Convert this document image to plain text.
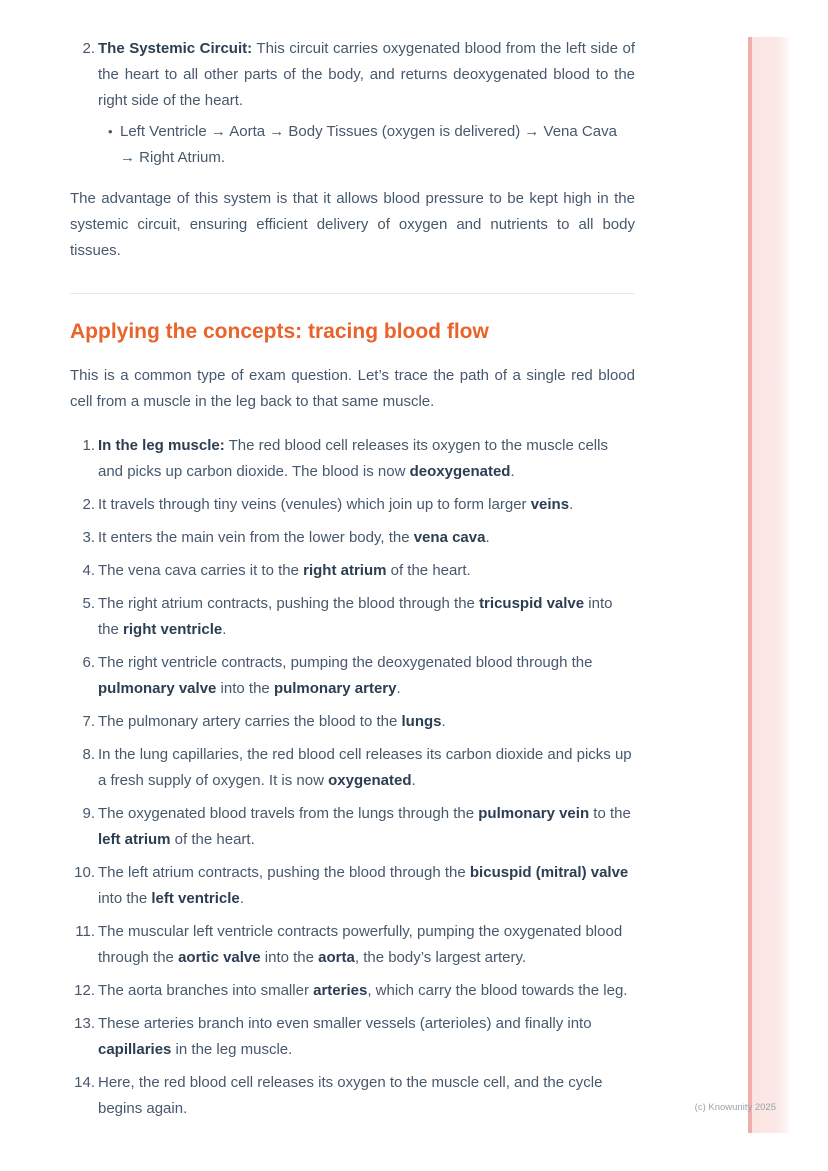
2. The Systemic Circuit: This circuit carries oxygenated blood from the left side of the heart to all other parts of the body, and returns deoxygenated blood to the right side of the heart.
• Left Ventricle → Aorta → Body Tissues (oxygen is delivered) → Vena Cava → Right Atrium.

The advantage of this system is that it allows blood pressure to be kept high in the systemic circuit, ensuring efficient delivery of oxygen and nutrients to all body tissues.

Applying the concepts: tracing blood flow

This is a common type of exam question. Let’s trace the path of a single red blood cell from a muscle in the leg back to that same muscle.

1. In the leg muscle: The red blood cell releases its oxygen to the muscle cells and picks up carbon dioxide. The blood is now deoxygenated.
2. It travels through tiny veins (venules) which join up to form larger veins.
3. It enters the main vein from the lower body, the vena cava.
4. The vena cava carries it to the right atrium of the heart.
5. The right atrium contracts, pushing the blood through the tricuspid valve into the right ventricle.
6. The right ventricle contracts, pumping the deoxygenated blood through the pulmonary valve into the pulmonary artery.
7. The pulmonary artery carries the blood to the lungs.
8. In the lung capillaries, the red blood cell releases its carbon dioxide and picks up a fresh supply of oxygen. It is now oxygenated.
9. The oxygenated blood travels from the lungs through the pulmonary vein to the left atrium of the heart.
10. The left atrium contracts, pushing the blood through the bicuspid (mitral) valve into the left ventricle.
11. The muscular left ventricle contracts powerfully, pumping the oxygenated blood through the aortic valve into the aorta, the body’s largest artery.
12. The aorta branches into smaller arteries, which carry the blood towards the leg.
13. These arteries branch into even smaller vessels (arterioles) and finally into capillaries in the leg muscle.
14. Here, the red blood cell releases its oxygen to the muscle cell, and the cycle begins again.	(c) Knowunity 2025
